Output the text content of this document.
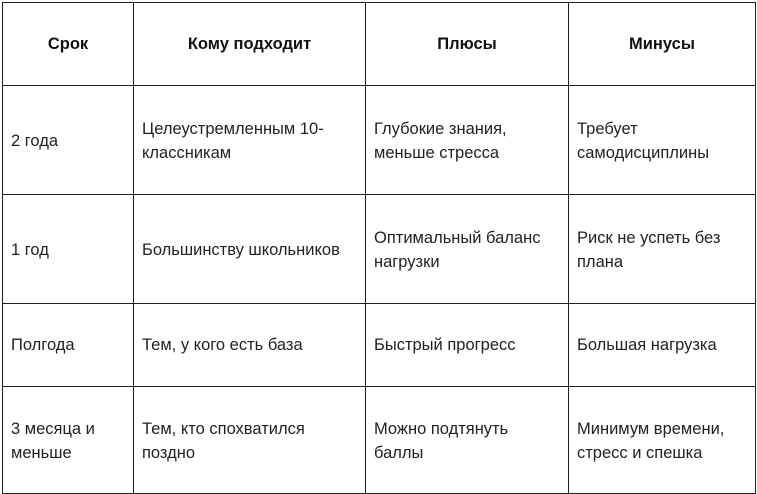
Срок	Кому подходит	Плюсы	Минусы

2 года	Целеустремленным 10-классникам	Глубокие знания, меньше стресса	Требует самодисциплины

1 год	Большинству школьников	Оптимальный баланс нагрузки	Риск не успеть без плана

Полгода	Тем, у кого есть база	Быстрый прогресс	Большая нагрузка

3 месяца и меньше	Тем, кто спохватился поздно	Можно подтянуть баллы	Минимум времени, стресс и спешка
